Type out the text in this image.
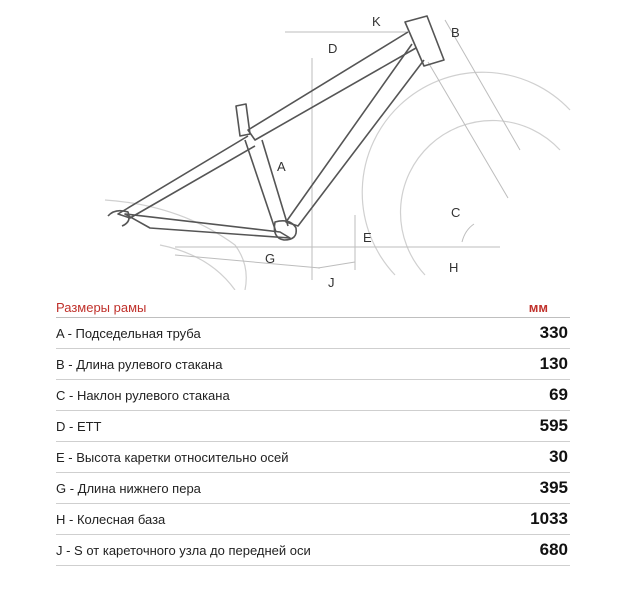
A
B
C
D
E
G
H
J
K
Размеры рамы	мм
A - Подседельная труба	330
B - Длина рулевого стакана	130
C - Наклон рулевого стакана	69
D - ETT	595
E - Высота каретки относительно осей	30
G - Длина нижнего пера	395
H - Колесная база	1033
J - S от кареточного узла до передней оси	680
